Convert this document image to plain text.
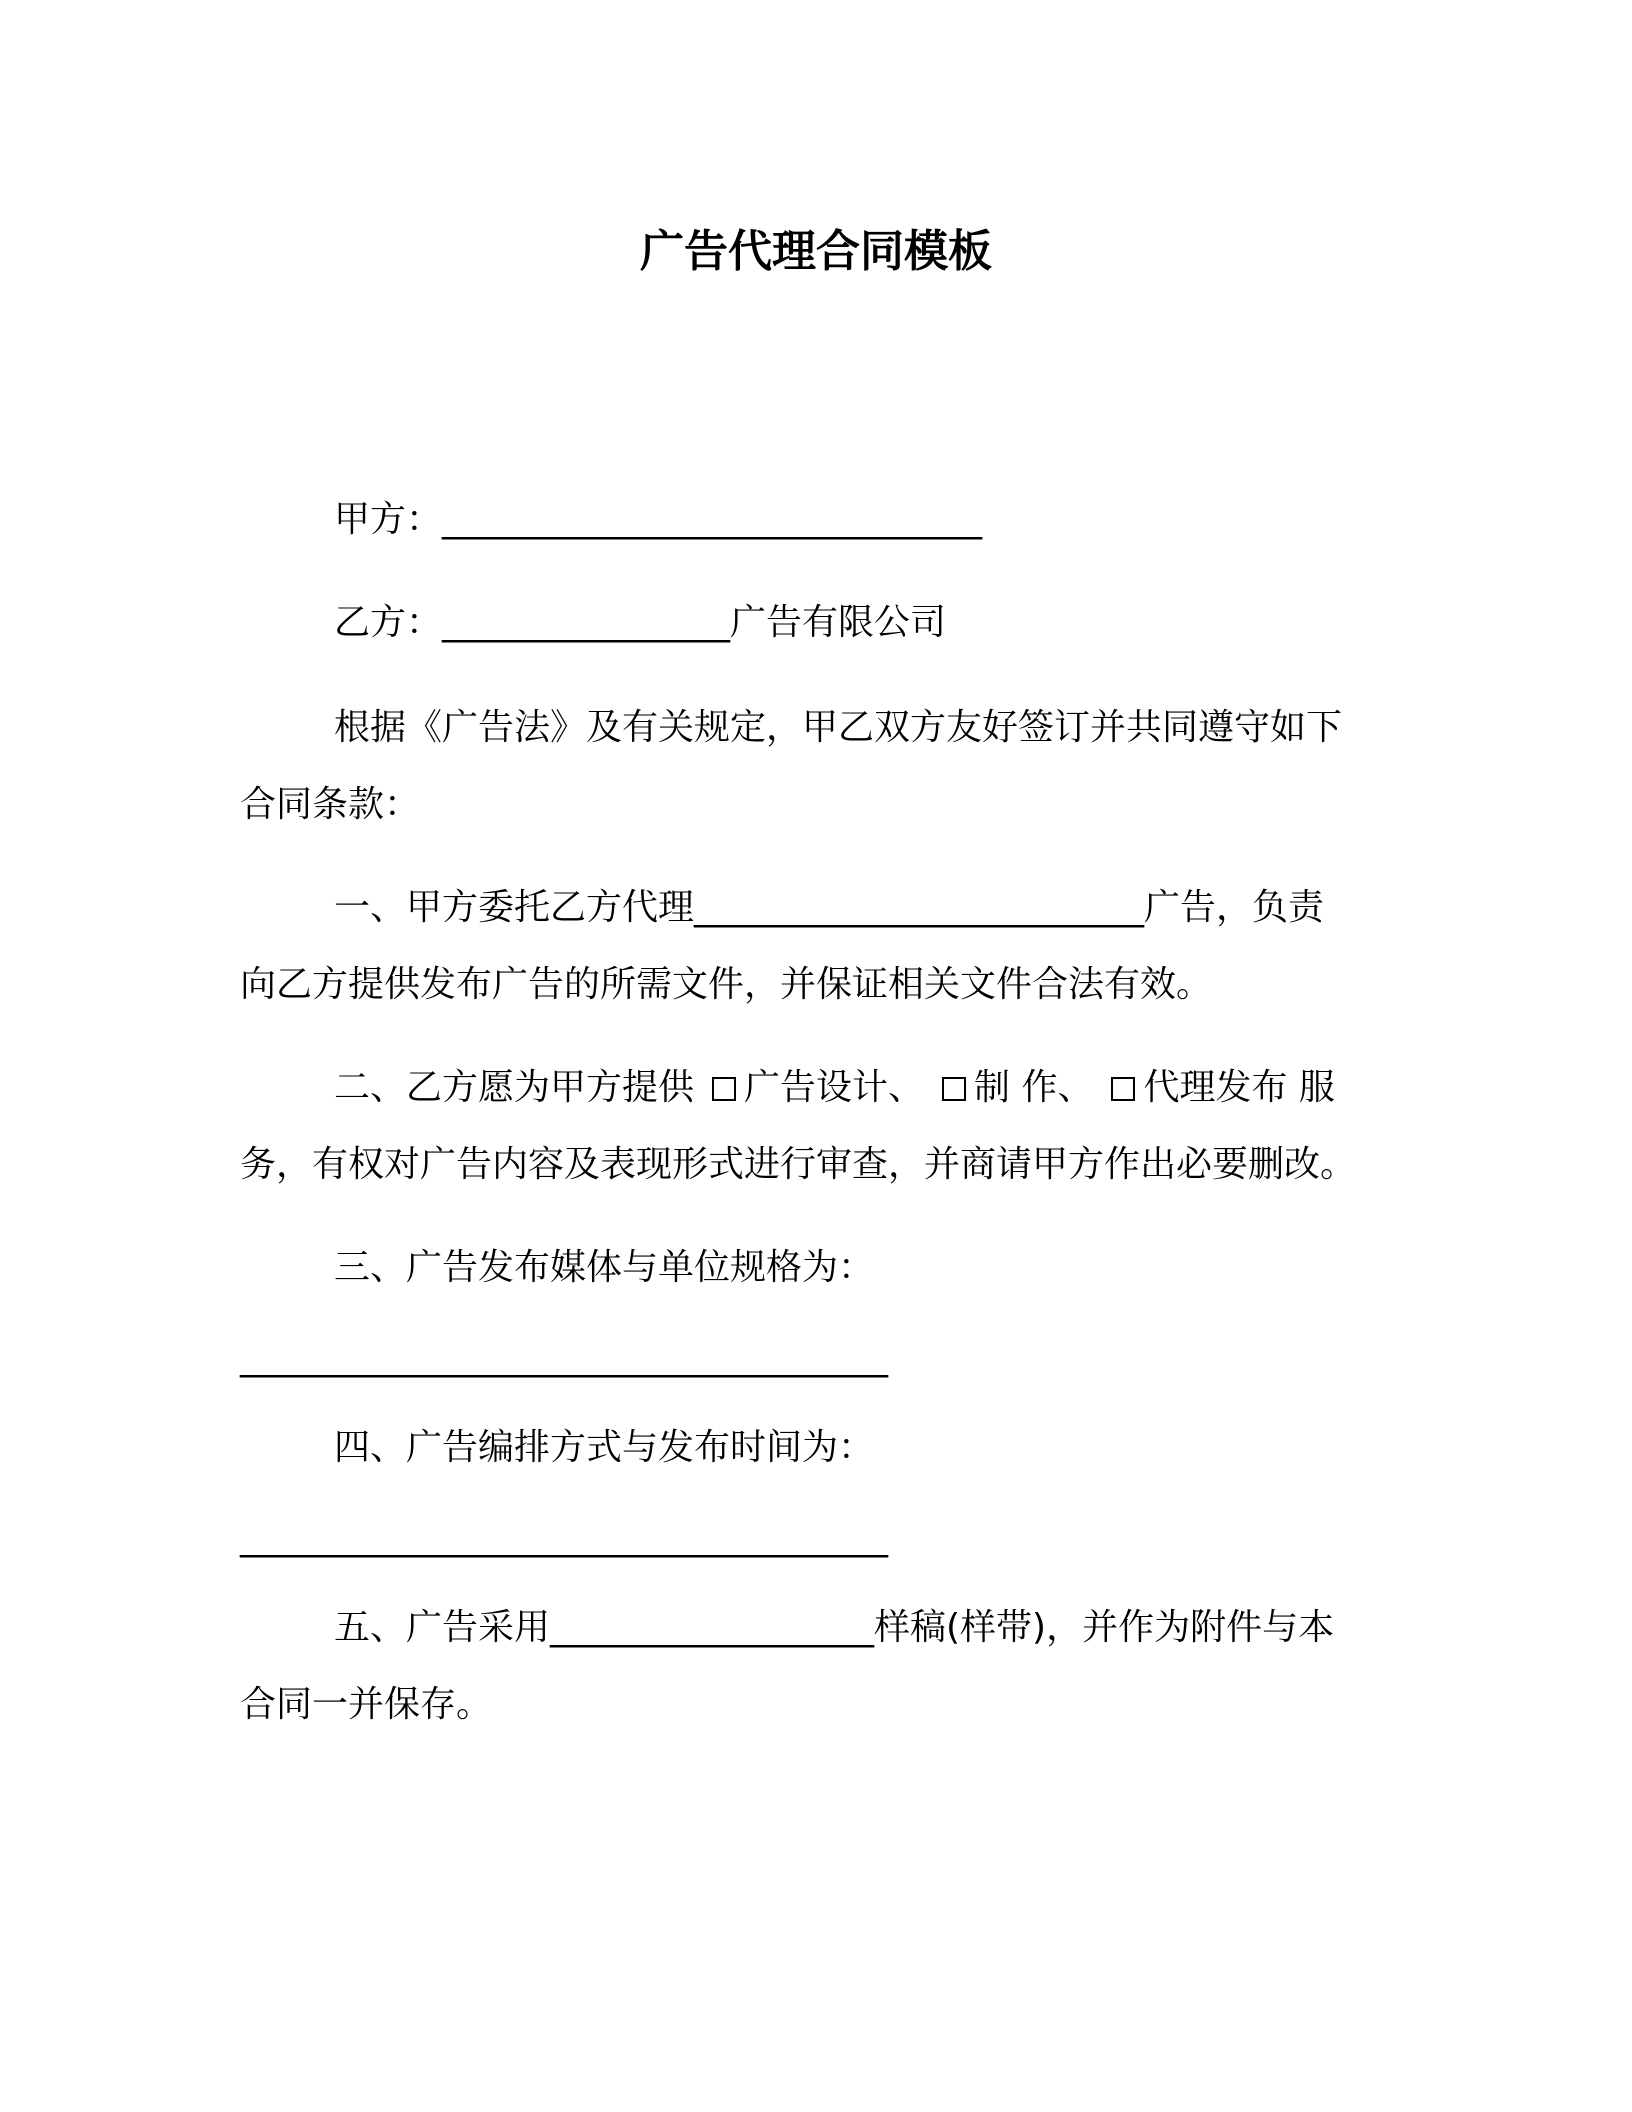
广告代理合同模板

甲方：______________________________

乙方：________________广告有限公司

根据《广告法》及有关规定，甲乙双方友好签订并共同遵守如下

合同条款：

一、甲方委托乙方代理_________________________广告，负责

向乙方提供发布广告的所需文件，并保证相关文件合法有效。

二、乙方愿为甲方提供 广告设计、 制 作、 代理发布 服

务，有权对广告内容及表现形式进行审查，并商请甲方作出必要删改。

三、广告发布媒体与单位规格为：

____________________________________

四、广告编排方式与发布时间为：

____________________________________

五、广告采用__________________样稿(样带)，并作为附件与本

合同一并保存。
